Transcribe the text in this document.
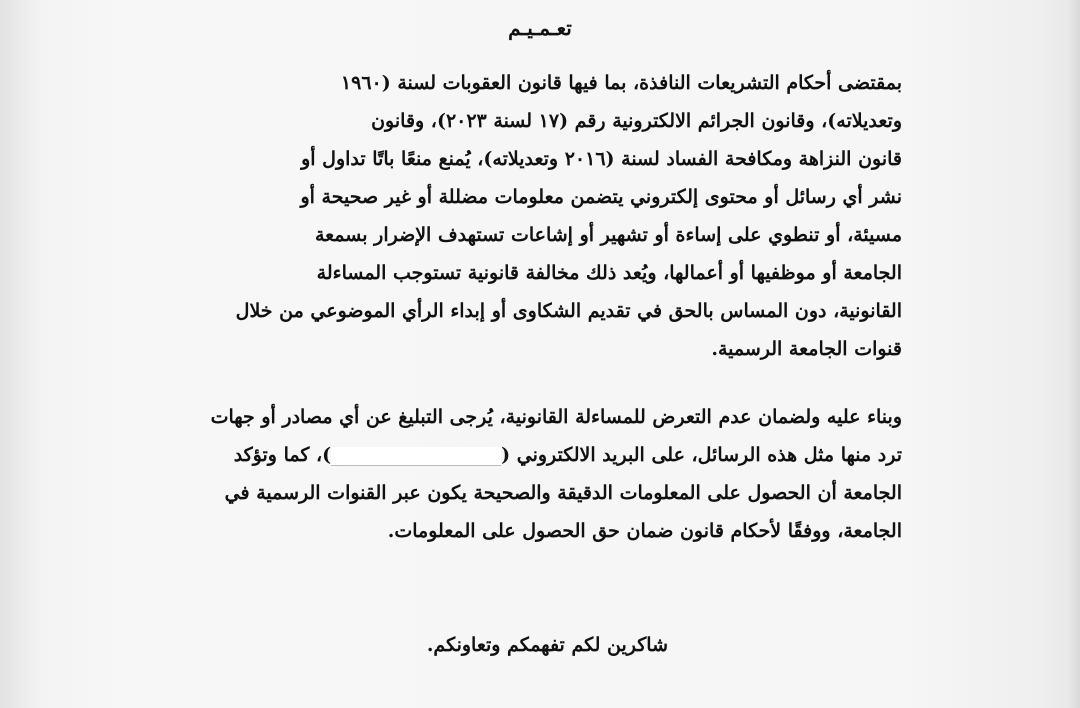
تعـمـيـم
بمقتضى أحكام التشريعات النافذة، بما فيها قانون العقوبات لسنة (١٩٦٠
وتعديلاته)، وقانون الجرائم الالكترونية رقم (١٧ لسنة ٢٠٢٣)، وقانون
قانون النزاهة ومكافحة الفساد لسنة (٢٠١٦ وتعديلاته)، يُمنع منعًا باتًا تداول أو
نشر أي رسائل أو محتوى إلكتروني يتضمن معلومات مضللة أو غير صحيحة أو
مسيئة، أو تنطوي على إساءة أو تشهير أو إشاعات تستهدف الإضرار بسمعة
الجامعة أو موظفيها أو أعمالها، ويُعد ذلك مخالفة قانونية تستوجب المساءلة
القانونية، دون المساس بالحق في تقديم الشكاوى أو إبداء الرأي الموضوعي من خلال
قنوات الجامعة الرسمية.
وبناء عليه ولضمان عدم التعرض للمساءلة القانونية، يُرجى التبليغ عن أي مصادر أو جهات
ترد منها مثل هذه الرسائل، على البريد الالكتروني ()، كما وتؤكد
الجامعة أن الحصول على المعلومات الدقيقة والصحيحة يكون عبر القنوات الرسمية في
الجامعة، ووفقًا لأحكام قانون ضمان حق الحصول على المعلومات.
شاكرين لكم تفهمكم وتعاونكم.
